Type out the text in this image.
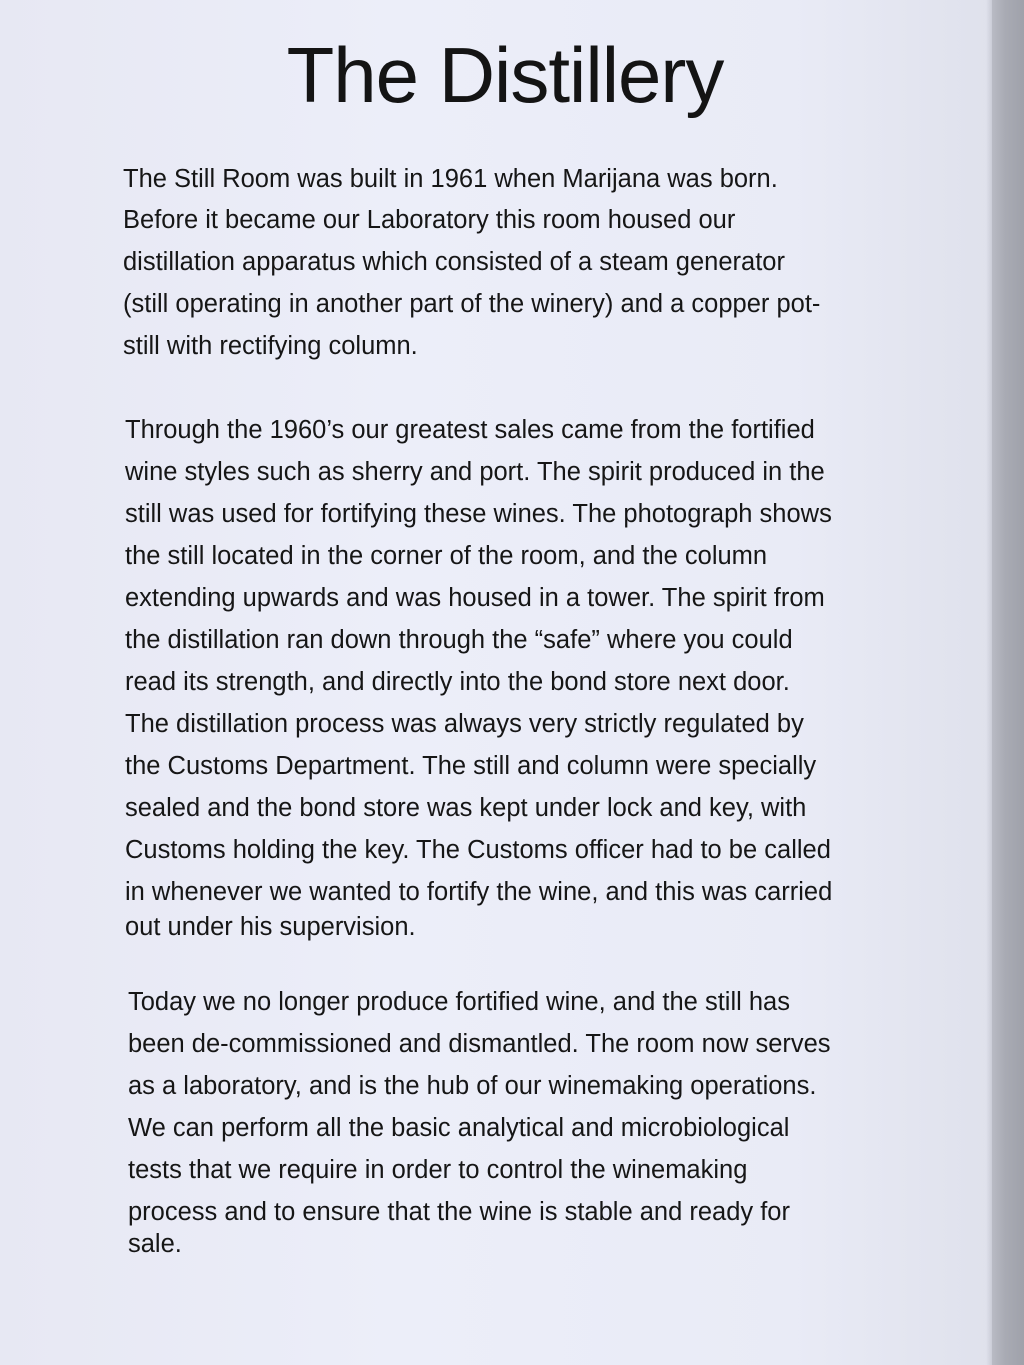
The Distillery
The Still Room was built in 1961 when Marijana was born.
Before it became our Laboratory this room housed our
distillation apparatus which consisted of a steam generator
(still operating in another part of the winery) and a copper pot-
still with rectifying column.
Through the 1960’s our greatest sales came from the fortified
wine styles such as sherry and port. The spirit produced in the
still was used for fortifying these wines. The photograph shows
the still located in the corner of the room, and the column
extending upwards and was housed in a tower. The spirit from
the distillation ran down through the “safe” where you could
read its strength, and directly into the bond store next door.
The distillation process was always very strictly regulated by
the Customs Department. The still and column were specially
sealed and the bond store was kept under lock and key, with
Customs holding the key. The Customs officer had to be called
in whenever we wanted to fortify the wine, and this was carried
out under his supervision.
Today we no longer produce fortified wine, and the still has
been de-commissioned and dismantled. The room now serves
as a laboratory, and is the hub of our winemaking operations.
We can perform all the basic analytical and microbiological
tests that we require in order to control the winemaking
process and to ensure that the wine is stable and ready for
sale.
